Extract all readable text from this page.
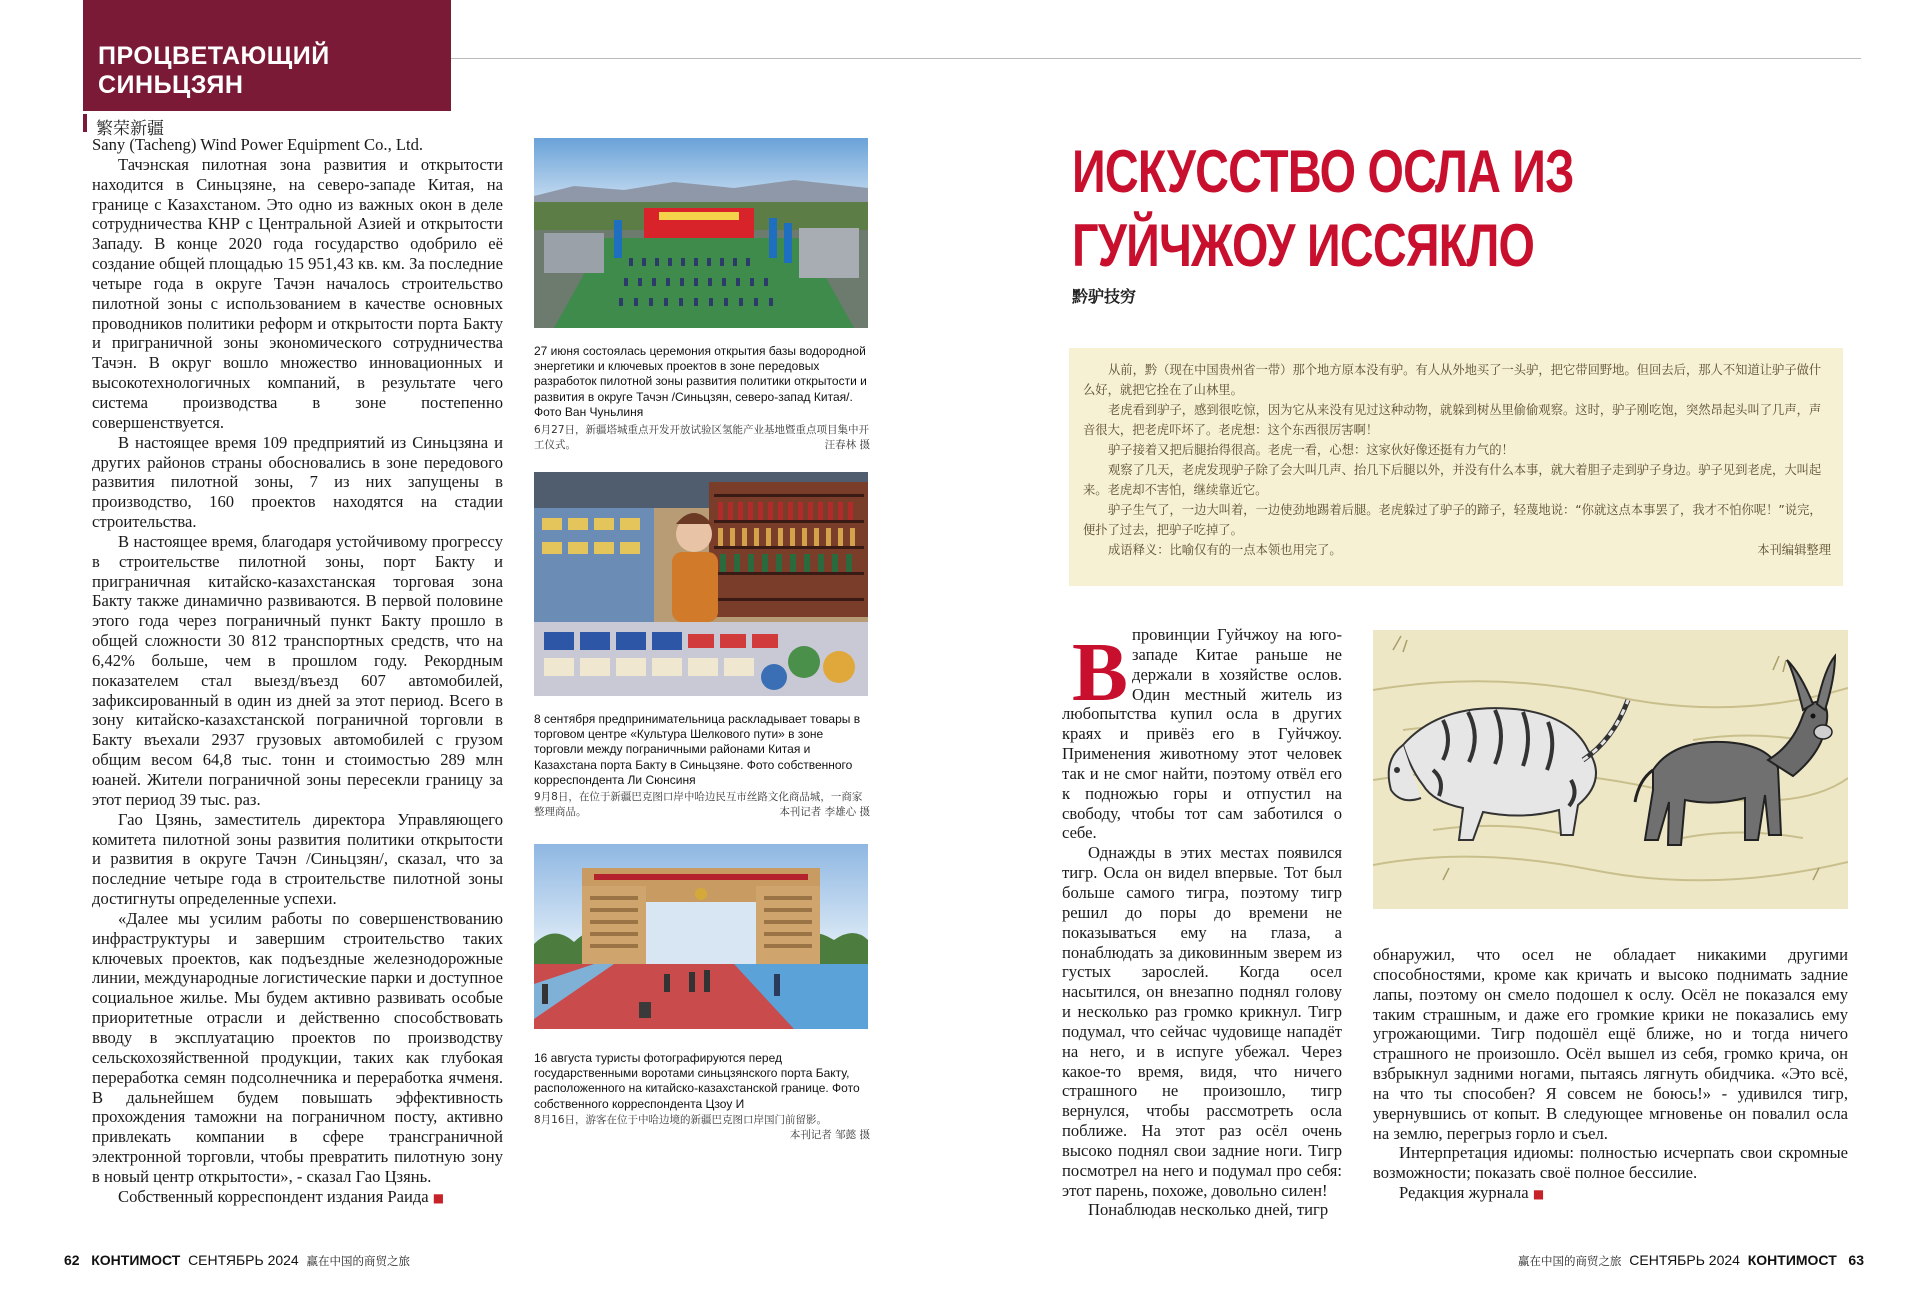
ПРОЦВЕТАЮЩИЙ
СИНЬЦЗЯН
繁荣新疆

Sany (Tacheng) Wind Power Equipment Co., Ltd.

Тачэнская пилотная зона развития и открытости находится в Синьцзяне, на северо-западе Китая, на границе с Казахстаном. Это одно из важных окон в деле сотрудничества КНР с Центральной Азией и открытости Западу. В конце 2020 года государство одобрило её создание общей площадью 15 951,43 кв. км. За последние четыре года в округе Тачэн началось строительство пилотной зоны с использованием в качестве основных проводников политики реформ и открытости порта Бакту и приграничной зоны экономического сотрудничества Тачэн. В округ вошло множество инновационных и высокотехнологичных компаний, в результате чего система производства в зоне постепенно совершенствуется.

В настоящее время 109 предприятий из Синьцзяна и других районов страны обосновались в зоне передового развития пилотной зоны, 7 из них запущены в производство, 160 проектов находятся на стадии строительства.

В настоящее время, благодаря устойчивому прогрессу в строительстве пилотной зоны, порт Бакту и приграничная китайско-казахстанская торговая зона Бакту также динамично развиваются. В первой половине этого года через пограничный пункт Бакту прошло в общей сложности 30 812 транспортных средств, что на 6,42% больше, чем в прошлом году. Рекордным показателем стал выезд/въезд 607 автомобилей, зафиксированный в один из дней за этот период. Всего в зону китайско-казахстанской пограничной торговли в Бакту въехали 2937 грузовых автомобилей с грузом общим весом 64,8 тыс. тонн и стоимостью 289 млн юаней. Жители пограничной зоны пересекли границу за этот период 39 тыс. раз.

Гао Цзянь, заместитель директора Управляющего комитета пилотной зоны развития политики открытости и развития в округе Тачэн /Синьцзян/, сказал, что за последние четыре года в строительстве пилотной зоны достигнуты определенные успехи.

«Далее мы усилим работы по совершенствованию инфраструктуры и завершим строительство таких ключевых проектов, как подъездные железнодорожные линии, международные логистические парки и доступное социальное жилье. Мы будем активно развивать особые приоритетные отрасли и действенно способствовать вводу в эксплуатацию проектов по производству сельскохозяйственной продукции, таких как глубокая переработка семян подсолнечника и переработка ячменя. В дальнейшем будем повышать эффективность прохождения таможни на пограничном посту, активно привлекать компании в сфере трансграничной электронной торговли, чтобы превратить пилотную зону в новый центр открытости», - сказал Гао Цзянь.

Собственный корреспондент издания Раида ■

27 июня состоялась церемония открытия базы водородной энергетики и ключевых проектов в зоне передовых разработок пилотной зоны развития политики открытости и развития в округе Тачэн /Синьцзян, северо-запад Китая/. Фото Ван Чуньлиня
6月27日，新疆塔城重点开发开放试验区氢能产业基地暨重点项目集中开工仪式。	汪春林 摄
8 сентября предпринимательница раскладывает товары в торговом центре «Культура Шелкового пути» в зоне торговли между пограничными районами Китая и Казахстана порта Бакту в Синьцзяне. Фото собственного корреспондента Ли Сюнсиня
9月8日，在位于新疆巴克图口岸中哈边民互市丝路文化商品城，一商家整理商品。	本刊记者 李雄心 摄
16 августа туристы фотографируются перед государственными воротами синьцзянского порта Бакту, расположенного на китайско-казахстанской границе. Фото собственного корреспондента Цзоу И
8月16日，游客在位于中哈边境的新疆巴克图口岸国门前留影。
本刊记者 邹懿 摄
ИСКУССТВО ОСЛА ИЗ ГУЙЧЖОУ ИССЯКЛО
黔驴技穷

从前，黔（现在中国贵州省一带）那个地方原本没有驴。有人从外地买了一头驴，把它带回野地。但回去后，那人不知道让驴子做什么好，就把它拴在了山林里。

老虎看到驴子，感到很吃惊，因为它从来没有见过这种动物，就躲到树丛里偷偷观察。这时，驴子刚吃饱，突然昂起头叫了几声，声音很大，把老虎吓坏了。老虎想：这个东西很厉害啊！

驴子接着又把后腿抬得很高。老虎一看，心想：这家伙好像还挺有力气的！

观察了几天，老虎发现驴子除了会大叫几声、抬几下后腿以外，并没有什么本事，就大着胆子走到驴子身边。驴子见到老虎，大叫起来。老虎却不害怕，继续靠近它。

驴子生气了，一边大叫着，一边使劲地踢着后腿。老虎躲过了驴子的蹄子，轻蔑地说：“你就这点本事罢了，我才不怕你呢！”说完，便扑了过去，把驴子吃掉了。

成语释义：比喻仅有的一点本领也用完了。	本刊编辑整理

В провинции Гуйчжоу на юго-западе Китае раньше не держали в хозяйстве ослов. Один местный житель из любопытства купил осла в других краях и привёз его в Гуйчжоу. Применения животному этот человек так и не смог найти, поэтому отвёл его к подножью горы и отпустил на свободу, чтобы тот сам заботился о себе.

Однажды в этих местах появился тигр. Осла он видел впервые. Тот был больше самого тигра, поэтому тигр решил до поры до времени не показываться ему на глаза, а понаблюдать за диковинным зверем из густых зарослей. Когда осел насытился, он внезапно поднял голову и несколько раз громко крикнул. Тигр подумал, что сейчас чудовище нападёт на него, и в испуге убежал. Через какое-то время, видя, что ничего страшного не произошло, тигр вернулся, чтобы рассмотреть осла поближе. На этот раз осёл очень высоко поднял свои задние ноги. Тигр посмотрел на него и подумал про себя: этот парень, похоже, довольно силен!

Понаблюдав несколько дней, тигр

обнаружил, что осел не обладает никакими другими способностями, кроме как кричать и высоко поднимать задние лапы, поэтому он смело подошел к ослу. Осёл не показался ему таким страшным, и даже его громкие крики не показались ему угрожающими. Тигр подошёл ещё ближе, но и тогда ничего страшного не произошло. Осёл вышел из себя, громко крича, он взбрыкнул задними ногами, пытаясь лягнуть обидчика. «Это всё, на что ты способен? Я совсем не боюсь!» - удивился тигр, увернувшись от копыт. В следующее мгновенье он повалил осла на землю, перегрыз горло и съел.

Интерпретация идиомы: полностью исчерпать свои скромные возможности; показать своё полное бессилие.

Редакция журнала ■

62 КОНТИМОСТ СЕНТЯБРЬ 2024 赢在中国的商贸之旅	赢在中国的商贸之旅 СЕНТЯБРЬ 2024 КОНТИМОСТ 63
